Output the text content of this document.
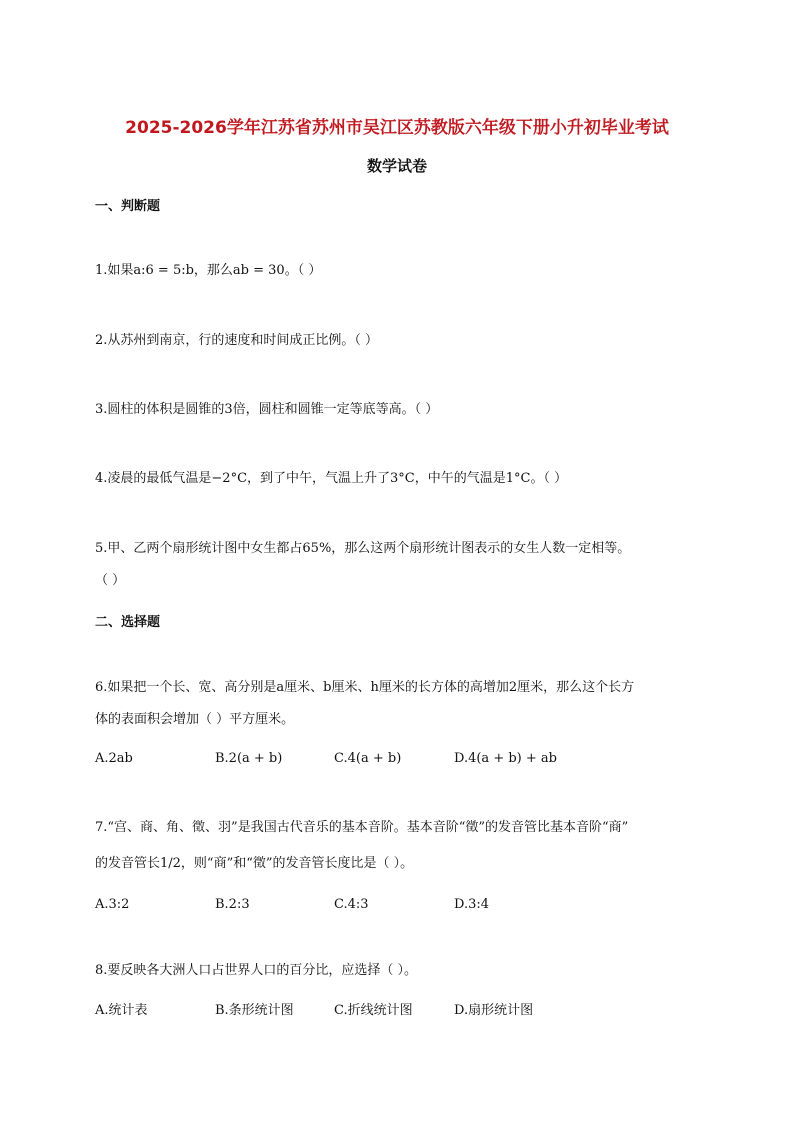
2025-2026学年江苏省苏州市吴江区苏教版六年级下册小升初毕业考试
数学试卷
一、判断题
1.如果a:6 = 5:b，那么ab = 30。（ ）
2.从苏州到南京，行的速度和时间成正比例。（ ）
3.圆柱的体积是圆锥的3倍，圆柱和圆锥一定等底等高。（ ）
4.凌晨的最低气温是−2°C，到了中午，气温上升了3°C，中午的气温是1°C。（ ）
5.甲、乙两个扇形统计图中女生都占65%，那么这两个扇形统计图表示的女生人数一定相等。
（ ）
二、选择题
6.如果把一个长、宽、高分别是a厘米、b厘米、h厘米的长方体的高增加2厘米，那么这个长方
体的表面积会增加（ ）平方厘米。
A.2ab	B.2(a + b)	C.4(a + b)	D.4(a + b) + ab
7.“宫、商、角、徵、羽”是我国古代音乐的基本音阶。基本音阶“徵”的发音管比基本音阶“商”
的发音管长1/2，则“商”和“徵”的发音管长度比是（ ）。
A.3:2	B.2:3	C.4:3	D.3:4
8.要反映各大洲人口占世界人口的百分比，应选择（ ）。
A.统计表	B.条形统计图	C.折线统计图	D.扇形统计图
